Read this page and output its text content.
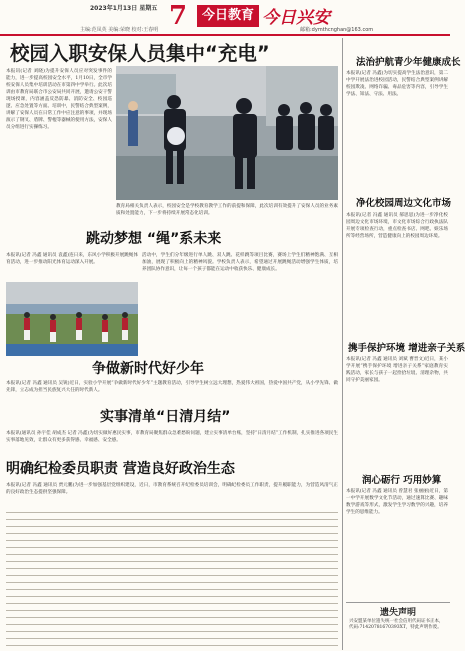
2023年1月13日 星期五
主编:范凤英 美编:荣晓 校对:王春明 7	今日教育 今日兴安
邮箱:dymthcnghan@163.com
校园入职安保人员集中“充电”
本报讯(记者 刘晓)为提升安保人员应对突发事件的能力，进一步提高校园安全水平，1月10日，全市学校安保人员集中培训活动在市第四中学举行。此次培训由市教育局联合市公安局共同开展，邀请公安干警现场授课，内容涵盖反恐防暴、消防安全、校园巡逻、应急处置等方面。培训中，民警结合典型案例，讲解了安保人员在日常工作中应注意的事项，并现场演示了钢叉、盾牌、警棍等器械的使用方法，安保人员分组进行实操练习。
教育局相关负责人表示，校园安全是学校教育教学工作的前提和保障，此次培训有效提升了安保人员的业务素质和处置能力，下一步将持续开展常态化培训。
跳动梦想 “绳”系未来
本报讯(记者 冯鑫 通讯员 袁鑫)连日来，东风小学积极开展跳绳体育活动，进一步推动阳光体育运动深入开展。
活动中，学生们分年级进行单人跳、双人跳、花样跳等项目比赛，赛场上学生们精神饱满、互相加油，展现了积极向上的精神风貌。学校负责人表示，希望通过开展跳绳活动增强学生体质，培养团队协作意识，让每一个孩子都能在运动中收获快乐、健康成长。
争做新时代好少年
本报讯(记者 冯鑫 通讯员 吴锐)近日，实验小学开展“争做新时代好少年”主题教育活动，引导学生树立远大理想，热爱伟大祖国，热爱中国共产党，从小学先锋、做先锋，立志成为担当民族复兴大任的时代新人。
实事清单“日清月结”
本报讯(通讯员 孙宇佳 胡成杰 记者 冯鑫)为切实做好惠民实事，市教育局聚焦群众急难愁盼问题，建立实事清单台账，坚持“日清月结”工作机制，扎实推进各项民生实事落地见效，让群众有更多获得感、幸福感、安全感。
明确纪检委员职责 营造良好政治生态
本报讯(记者 冯鑫 通讯员 贾元鹏)为进一步加强基层党组织建设，近日，市教育系统召开纪检委员培训会，明确纪检委员工作职责，提升履职能力，为营造风清气正的良好政治生态提供坚强保障。
法治护航青少年健康成长
本报讯(记者 冯鑫)为切实提高学生法治意识，第二中学开展法治进校园活动，民警结合典型案例讲解校园欺凌、网络诈骗、毒品危害等内容，引导学生学法、知法、守法、用法。
净化校园周边文化市场
本报讯(记者 冯鑫 通讯员 郝思思)为进一步净化校园周边文化市场环境，市文化市场综合行政执法队开展专项检查行动，重点检查书店、网吧、娱乐场所等经营场所，营造健康向上的校园周边环境。
携手保护环境 增进亲子关系
本报讯(记者 冯鑫 通讯员 刘斌 曹晋文)近日，某小学开展“携手保护环境 增进亲子关系”家庭教育实践活动，家长与孩子一起捡拾垃圾、清理杂物，共同守护美丽家园。
润心砺行 巧用妙算
本报讯(记者 冯鑫 通讯员 曾慧君 张丽丽)近日，第一中学开展数学文化节活动，通过速算比赛、趣味数学游戏等形式，激发学生学习数学的兴趣，培养学生的思维能力。
遗失声明
兴安盟某单位遗失统一社会信用代码证书正本，代码:71420781670393XT，特此声明作废。
